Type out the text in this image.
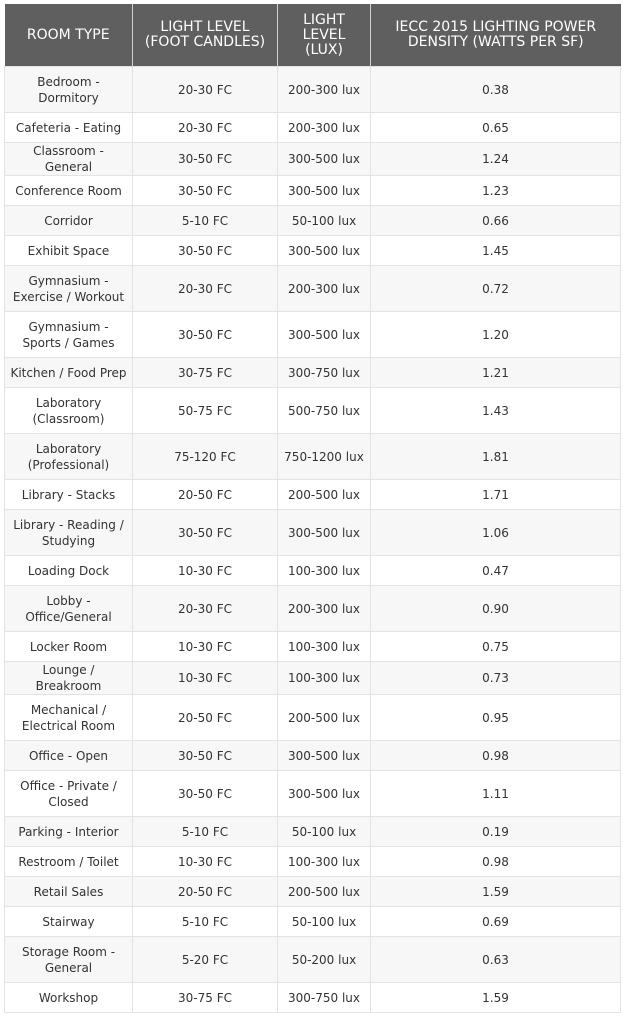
ROOM TYPE	LIGHT LEVEL (FOOT CANDLES)	LIGHT LEVEL (LUX)	IECC 2015 LIGHTING POWER DENSITY (WATTS PER SF)
Bedroom - Dormitory	20-30 FC	200-300 lux	0.38
Cafeteria - Eating	20-30 FC	200-300 lux	0.65
Classroom - General	30-50 FC	300-500 lux	1.24
Conference Room	30-50 FC	300-500 lux	1.23
Corridor	5-10 FC	50-100 lux	0.66
Exhibit Space	30-50 FC	300-500 lux	1.45
Gymnasium - Exercise / Workout	20-30 FC	200-300 lux	0.72
Gymnasium - Sports / Games	30-50 FC	300-500 lux	1.20
Kitchen / Food Prep	30-75 FC	300-750 lux	1.21
Laboratory (Classroom)	50-75 FC	500-750 lux	1.43
Laboratory (Professional)	75-120 FC	750-1200 lux	1.81
Library - Stacks	20-50 FC	200-500 lux	1.71
Library - Reading / Studying	30-50 FC	300-500 lux	1.06
Loading Dock	10-30 FC	100-300 lux	0.47
Lobby - Office/General	20-30 FC	200-300 lux	0.90
Locker Room	10-30 FC	100-300 lux	0.75
Lounge / Breakroom	10-30 FC	100-300 lux	0.73
Mechanical / Electrical Room	20-50 FC	200-500 lux	0.95
Office - Open	30-50 FC	300-500 lux	0.98
Office - Private / Closed	30-50 FC	300-500 lux	1.11
Parking - Interior	5-10 FC	50-100 lux	0.19
Restroom / Toilet	10-30 FC	100-300 lux	0.98
Retail Sales	20-50 FC	200-500 lux	1.59
Stairway	5-10 FC	50-100 lux	0.69
Storage Room - General	5-20 FC	50-200 lux	0.63
Workshop	30-75 FC	300-750 lux	1.59
